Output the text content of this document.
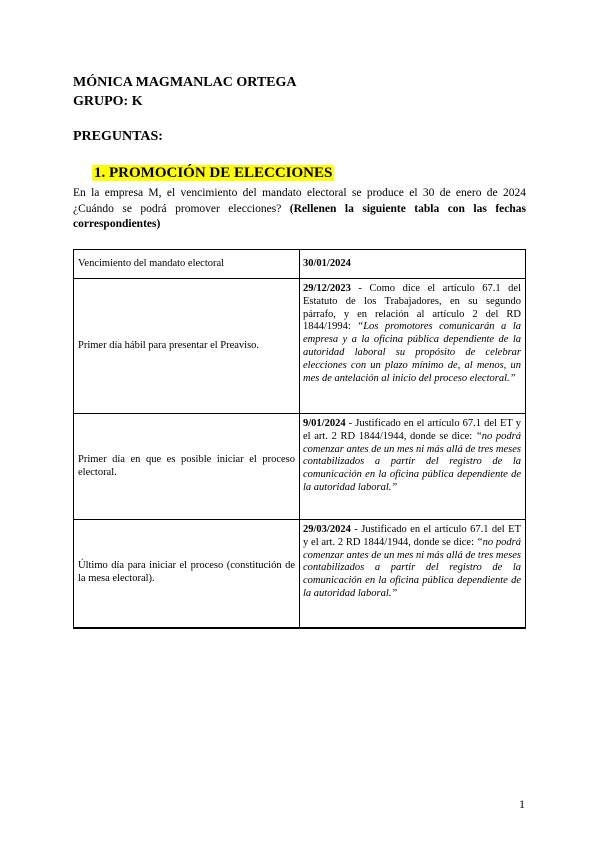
MÓNICA MAGMANLAC ORTEGA
GRUPO: K
PREGUNTAS:
1. PROMOCIÓN DE ELECCIONES
En la empresa M, el vencimiento del mandato electoral se produce el 30 de enero de 2024 ¿Cuándo se podrá promover elecciones? (Rellenen la siguiente tabla con las fechas correspondientes)
Vencimiento del mandato electoral	30/01/2024
Primer día hábil para presentar el Preaviso.	29/12/2023 - Como dice el artículo 67.1 del Estatuto de los Trabajadores, en su segundo párrafo, y en relación al artículo 2 del RD 1844/1994: “Los promotores comunicarán a la empresa y a la oficina pública dependiente de la autoridad laboral su propósito de celebrar elecciones con un plazo mínimo de, al menos, un mes de antelación al inicio del proceso electoral.”
Primer día en que es posible iniciar el proceso electoral.	9/01/2024 - Justificado en el artículo 67.1 del ET y el art. 2 RD 1844/1944, donde se dice: “no podrá comenzar antes de un mes ni más allá de tres meses contabilizados a partir del registro de la comunicación en la oficina pública dependiente de la autoridad laboral.”
Último día para iniciar el proceso (constitución de la mesa electoral).	29/03/2024 - Justificado en el artículo 67.1 del ET y el art. 2 RD 1844/1944, donde se dice: “no podrá comenzar antes de un mes ni más allá de tres meses contabilizados a partir del registro de la comunicación en la oficina pública dependiente de la autoridad laboral.”
1
